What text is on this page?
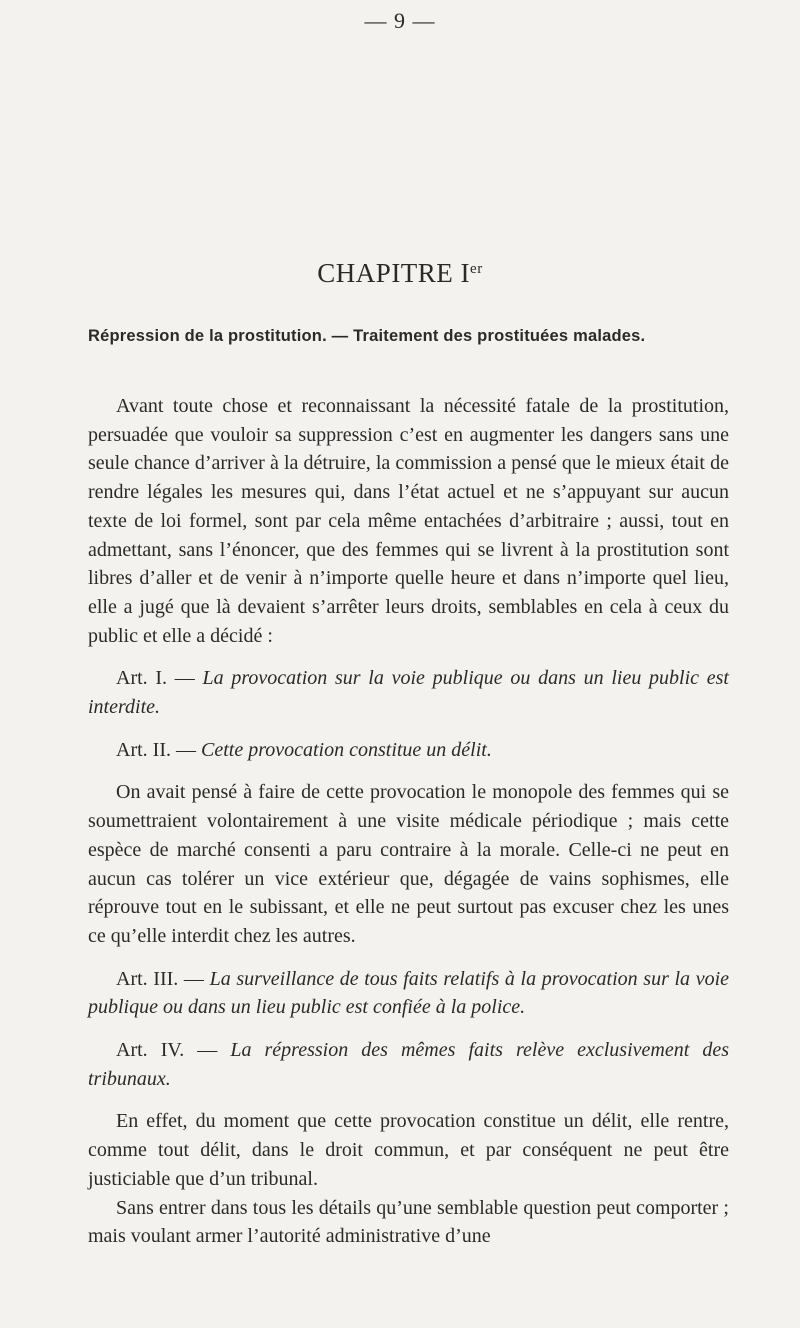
— 9 —
CHAPITRE Ier
Répression de la prostitution. — Traitement des prostituées malades.

Avant toute chose et reconnaissant la nécessité fatale de la prostitution, persuadée que vouloir sa suppression c’est en augmenter les dangers sans une seule chance d’arriver à la détruire, la commission a pensé que le mieux était de rendre légales les mesures qui, dans l’état actuel et ne s’appuyant sur aucun texte de loi formel, sont par cela même entachées d’arbitraire ; aussi, tout en admettant, sans l’énoncer, que des femmes qui se livrent à la prostitution sont libres d’aller et de venir à n’importe quelle heure et dans n’importe quel lieu, elle a jugé que là devaient s’arrêter leurs droits, semblables en cela à ceux du public et elle a décidé :

Art. I. — La provocation sur la voie publique ou dans un lieu public est interdite.

Art. II. — Cette provocation constitue un délit.

On avait pensé à faire de cette provocation le monopole des femmes qui se soumettraient volontairement à une visite médicale périodique ; mais cette espèce de marché consenti a paru contraire à la morale. Celle-ci ne peut en aucun cas tolérer un vice extérieur que, dégagée de vains sophismes, elle réprouve tout en le subissant, et elle ne peut surtout pas excuser chez les unes ce qu’elle interdit chez les autres.

Art. III. — La surveillance de tous faits relatifs à la provocation sur la voie publique ou dans un lieu public est confiée à la police.

Art. IV. — La répression des mêmes faits relève exclusivement des tribunaux.

En effet, du moment que cette provocation constitue un délit, elle rentre, comme tout délit, dans le droit commun, et par conséquent ne peut être justiciable que d’un tribunal.

Sans entrer dans tous les détails qu’une semblable question peut comporter ; mais voulant armer l’autorité administrative d’une
